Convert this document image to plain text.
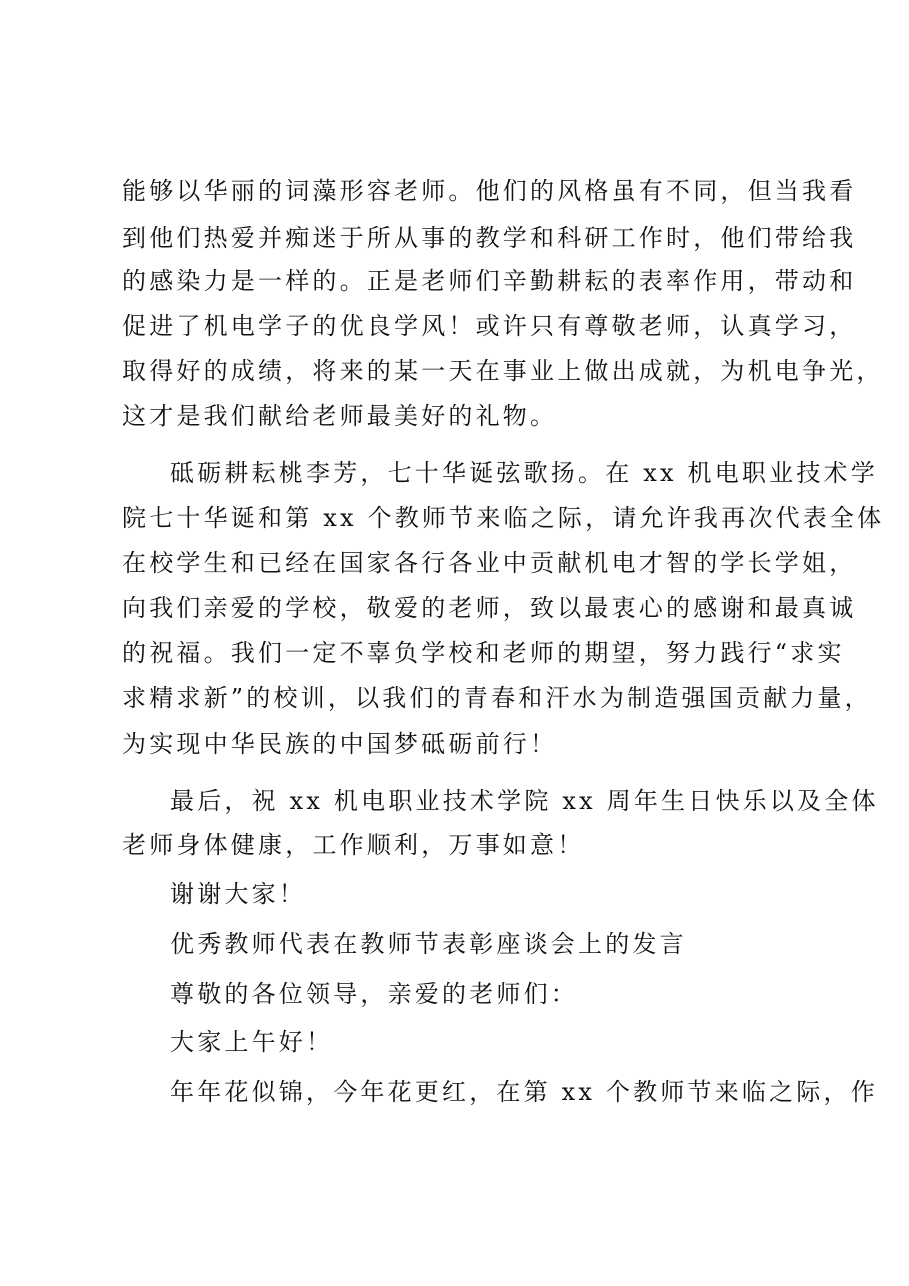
能够以华丽的词藻形容老师。他们的风格虽有不同，但当我看

到他们热爱并痴迷于所从事的教学和科研工作时，他们带给我

的感染力是一样的。正是老师们辛勤耕耘的表率作用，带动和

促进了机电学子的优良学风！或许只有尊敬老师，认真学习，

取得好的成绩，将来的某一天在事业上做出成就，为机电争光，

这才是我们献给老师最美好的礼物。

砥砺耕耘桃李芳，七十华诞弦歌扬。在 xx 机电职业技术学

院七十华诞和第 xx 个教师节来临之际，请允许我再次代表全体

在校学生和已经在国家各行各业中贡献机电才智的学长学姐，

向我们亲爱的学校，敬爱的老师，致以最衷心的感谢和最真诚

的祝福。我们一定不辜负学校和老师的期望，努力践行“求实

求精求新”的校训，以我们的青春和汗水为制造强国贡献力量，

为实现中华民族的中国梦砥砺前行！

最后，祝 xx 机电职业技术学院 xx 周年生日快乐以及全体

老师身体健康，工作顺利，万事如意！

谢谢大家！

优秀教师代表在教师节表彰座谈会上的发言

尊敬的各位领导，亲爱的老师们：

大家上午好！

年年花似锦，今年花更红，在第 xx 个教师节来临之际，作
